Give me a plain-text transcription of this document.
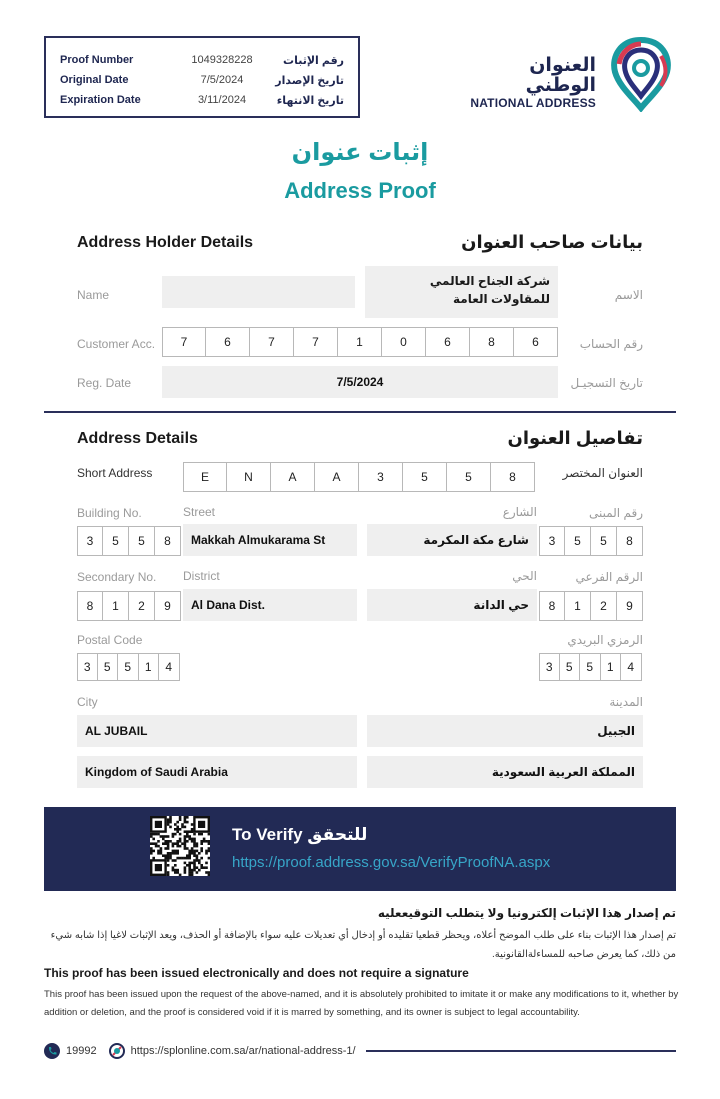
Proof Number	1049328228	رقم الإثبات
Original Date	7/5/2024	تاريخ الإصدار
Expiration Date	3/11/2024	تاريخ الانتهاء
العنوان الوطني
NATIONAL ADDRESS
إثبات عنوان
Address Proof
Address Holder Details	بيانات صاحب العنوان
Name
شركة الجناح العالمي للمقاولات العامة	الاسم
Customer Acc.	7	6	7	7	1	0	6	8	6	رقم الحساب
Reg. Date	7/5/2024	تاريخ التسجيـل
Address Details	تفاصيل العنوان
Short Address	E	N	A	A	3	5	5	8	العنوان المختصر
Building No.	Street	الشارع	رقم المبنى
3	5	5	8	Makkah Almukarama St	شارع مكة المكرمة	3	5	5	8
Secondary No. District	الحي	الرقم الفرعي
8	1	2	9	Al Dana Dist.	حي الدانة	8	1	2	9
Postal Code	الرمزي البريدي
3	5	5	1	4	3	5	5	1	4
City	المدينة
AL JUBAIL	الجبيل
Kingdom of Saudi Arabia	المملكة العربية السعودية
To Verify للتحقق
https://proof.address.gov.sa/VerifyProofNA.aspx
تم إصدار هذا الإثبات إلكترونيا ولا يتطلب التوقيععليه
تم إصدار هذا الإثبات بناء على طلب الموضح أعلاه، ويحظر قطعيا تقليده أو إدخال أي تعديلات عليه سواء بالإضافة أو الحذف، ويعد الإثبات لاغيا إذا شابه شيء من ذلك، كما يعرض صاحبه للمساءلةالقانونية.
This proof has been issued electronically and does not require a signature
This proof has been issued upon the request of the above-named, and it is absolutely prohibited to imitate it or make any modifications to it, whether by addition or deletion, and the proof is considered void if it is marred by something, and its owner is subject to legal accountability.
19992	https://splonline.com.sa/ar/national-address-1/
